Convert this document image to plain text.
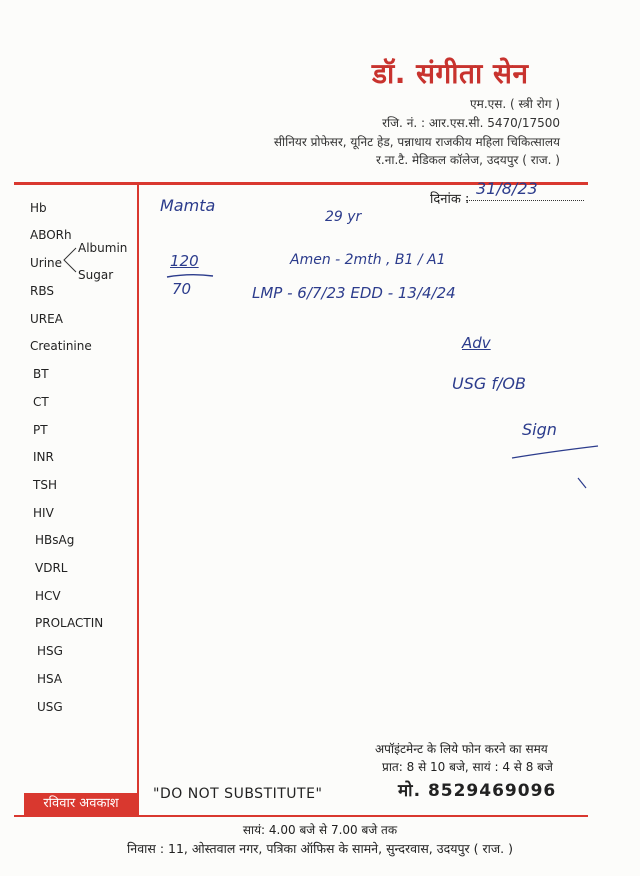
डॉ. संगीता सेन
एम.एस. ( स्त्री रोग )
रजि. नं. : आर.एस.सी. 5470/17500
सीनियर प्रोफेसर, यूनिट हेड, पन्नाधाय राजकीय महिला चिकित्सालय
र.ना.टै. मेडिकल कॉलेज, उदयपुर ( राज. )
दिनांक :
31/8/23
Hb
ABORh
Urine
Albumin
Sugar
RBS
UREA
Creatinine
BT
CT
PT
INR
TSH
HIV
HBsAg
VDRL
HCV
PROLACTIN
HSG
HSA
USG
Mamta
29 yr
120
70
Amen - 2mth , B1 / A1
LMP - 6/7/23 EDD - 13/4/24
Adv
USG f/OB
Sign
अपॉइंटमेन्ट के लिये फोन करने का समय
प्रात: 8 से 10 बजे, सायं : 4 से 8 बजे
मो. 8529469096
रविवार अवकाश
"DO NOT SUBSTITUTE"
सायं: 4.00 बजे से 7.00 बजे तक
निवास : 11, ओस्तवाल नगर, पत्रिका ऑफिस के सामने, सुन्दरवास, उदयपुर ( राज. )
